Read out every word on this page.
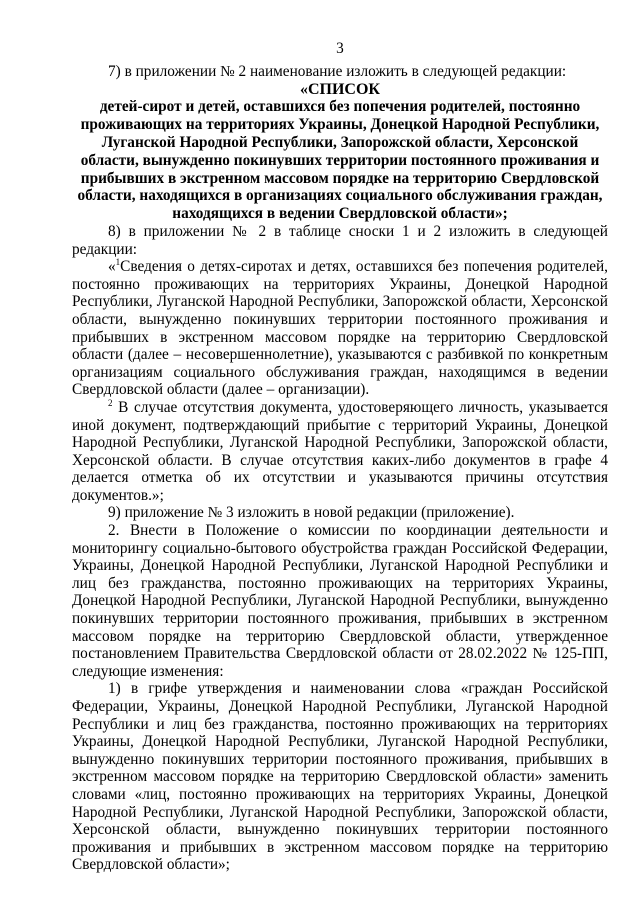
3

7) в приложении № 2 наименование изложить в следующей редакции:

«СПИСОК
детей-сирот и детей, оставшихся без попечения родителей, постоянно проживающих на территориях Украины, Донецкой Народной Республики, Луганской Народной Республики, Запорожской области, Херсонской области, вынужденно покинувших территории постоянного проживания и прибывших в экстренном массовом порядке на территорию Свердловской области, находящихся в организациях социального обслуживания граждан, находящихся в ведении Свердловской области»;

8) в приложении № 2 в таблице сноски 1 и 2 изложить в следующей редакции:

«$^1$Сведения о детях-сиротах и детях, оставшихся без попечения родителей, постоянно проживающих на территориях Украины, Донецкой Народной Республики, Луганской Народной Республики, Запорожской области, Херсонской области, вынужденно покинувших территории постоянного проживания и прибывших в экстренном массовом порядке на территорию Свердловской области (далее – несовершеннолетние), указываются с разбивкой по конкретным организациям социального обслуживания граждан, находящимся в ведении Свердловской области (далее – организации).

$^2$ В случае отсутствия документа, удостоверяющего личность, указывается иной документ, подтверждающий прибытие с территорий Украины, Донецкой Народной Республики, Луганской Народной Республики, Запорожской области, Херсонской области. В случае отсутствия каких-либо документов в графе 4 делается отметка об их отсутствии и указываются причины отсутствия документов.»;

9) приложение № 3 изложить в новой редакции (приложение).

2. Внести в Положение о комиссии по координации деятельности и мониторингу социально-бытового обустройства граждан Российской Федерации, Украины, Донецкой Народной Республики, Луганской Народной Республики и лиц без гражданства, постоянно проживающих на территориях Украины, Донецкой Народной Республики, Луганской Народной Республики, вынужденно покинувших территории постоянного проживания, прибывших в экстренном массовом порядке на территорию Свердловской области, утвержденное постановлением Правительства Свердловской области от 28.02.2022 № 125-ПП, следующие изменения:

1) в грифе утверждения и наименовании слова «граждан Российской Федерации, Украины, Донецкой Народной Республики, Луганской Народной Республики и лиц без гражданства, постоянно проживающих на территориях Украины, Донецкой Народной Республики, Луганской Народной Республики, вынужденно покинувших территории постоянного проживания, прибывших в экстренном массовом порядке на территорию Свердловской области» заменить словами «лиц, постоянно проживающих на территориях Украины, Донецкой Народной Республики, Луганской Народной Республики, Запорожской области, Херсонской области, вынужденно покинувших территории постоянного проживания и прибывших в экстренном массовом порядке на территорию Свердловской области»;
